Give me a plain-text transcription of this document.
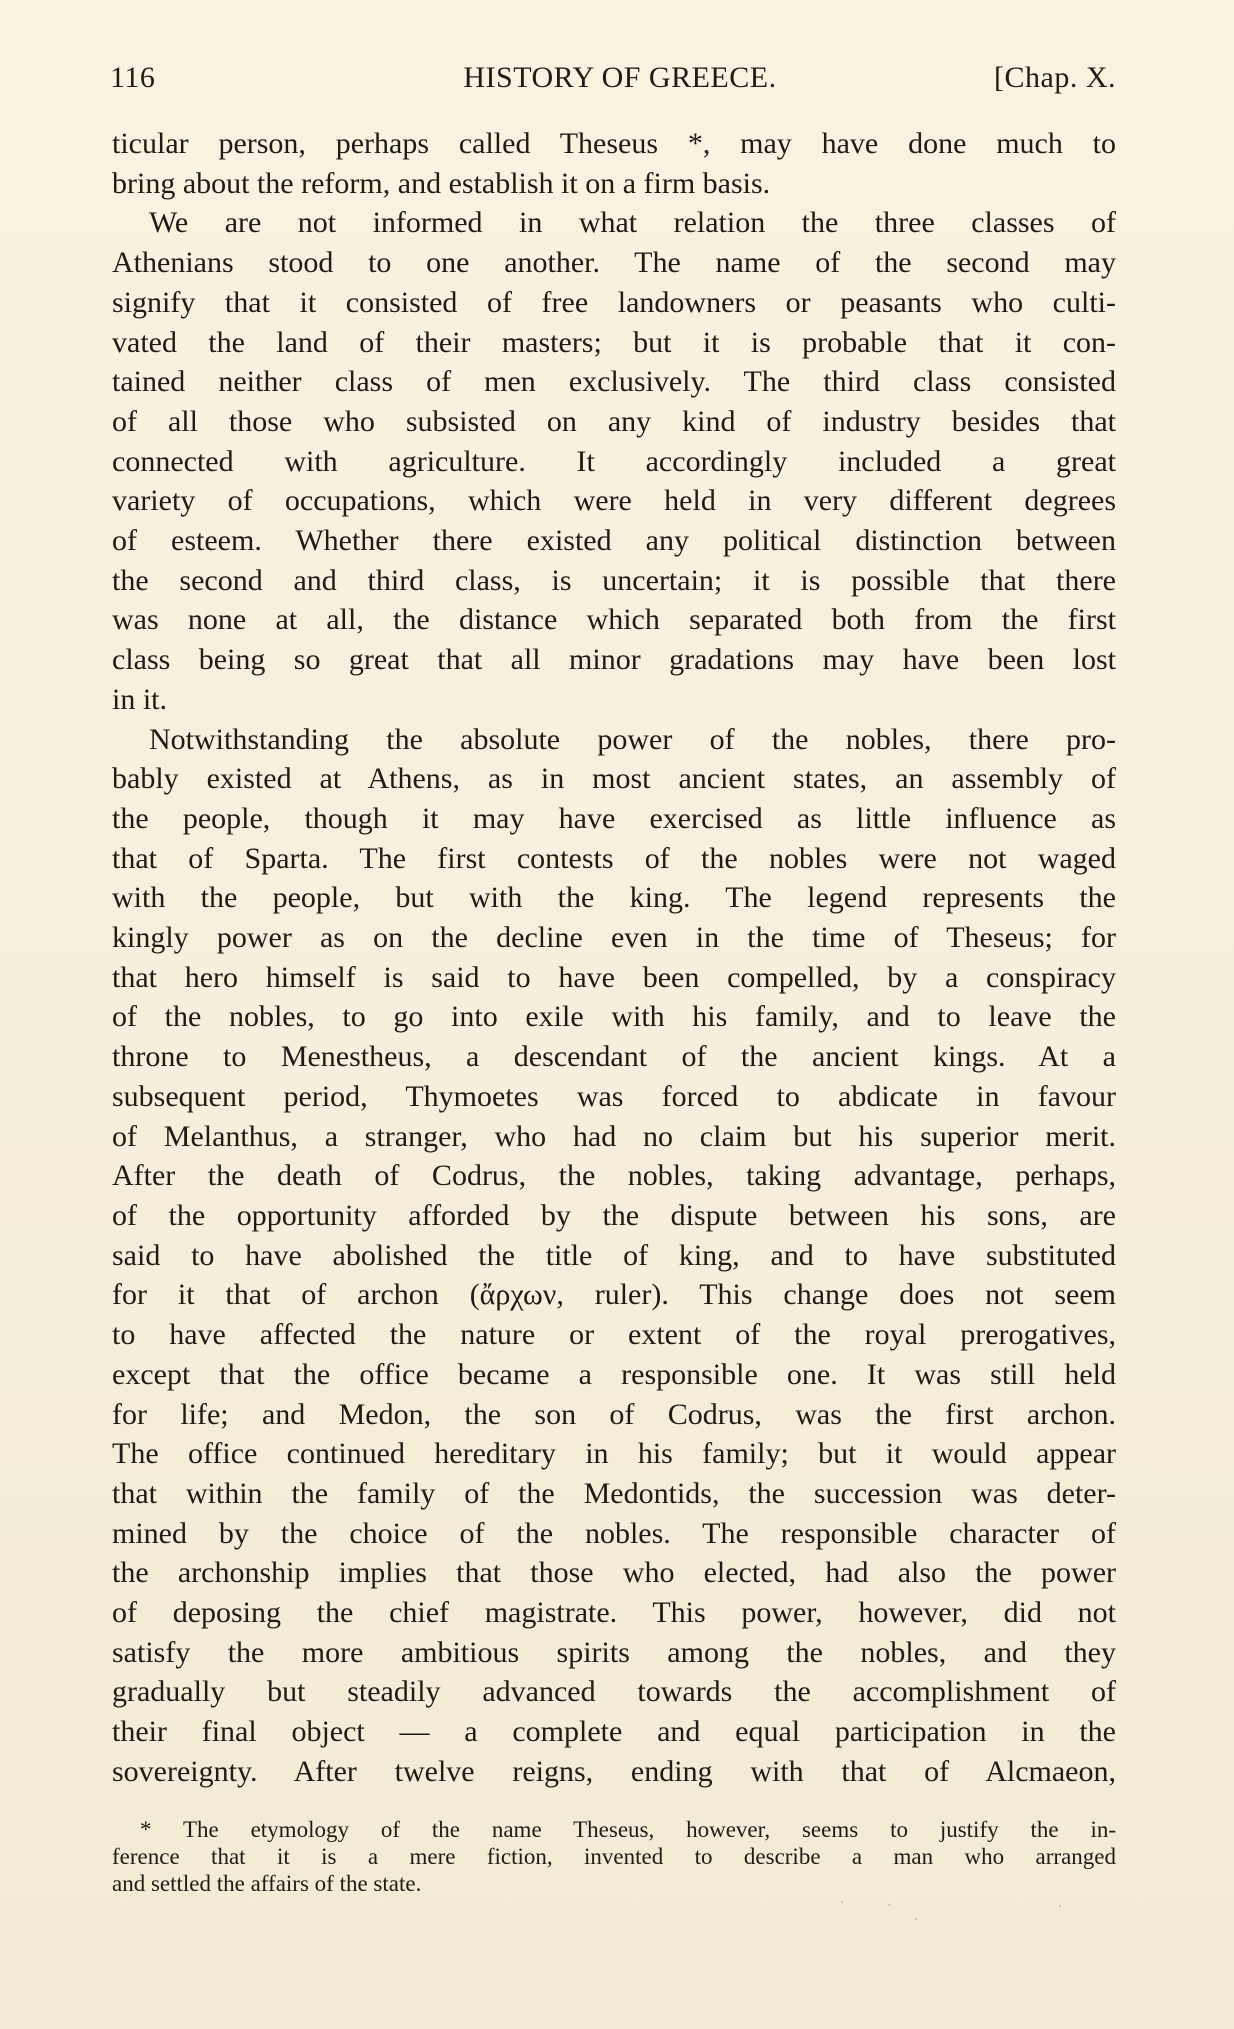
116	HISTORY OF GREECE.	[Chap. X.
ticular person, perhaps called Theseus *, may have done much to
bring about the reform, and establish it on a firm basis.
We are not informed in what relation the three classes of
Athenians stood to one another. The name of the second may
signify that it consisted of free landowners or peasants who culti-
vated the land of their masters; but it is probable that it con-
tained neither class of men exclusively. The third class consisted
of all those who subsisted on any kind of industry besides that
connected with agriculture. It accordingly included a great
variety of occupations, which were held in very different degrees
of esteem. Whether there existed any political distinction between
the second and third class, is uncertain; it is possible that there
was none at all, the distance which separated both from the first
class being so great that all minor gradations may have been lost
in it.
Notwithstanding the absolute power of the nobles, there pro-
bably existed at Athens, as in most ancient states, an assembly of
the people, though it may have exercised as little influence as
that of Sparta. The first contests of the nobles were not waged
with the people, but with the king. The legend represents the
kingly power as on the decline even in the time of Theseus; for
that hero himself is said to have been compelled, by a conspiracy
of the nobles, to go into exile with his family, and to leave the
throne to Menestheus, a descendant of the ancient kings. At a
subsequent period, Thymoetes was forced to abdicate in favour
of Melanthus, a stranger, who had no claim but his superior merit.
After the death of Codrus, the nobles, taking advantage, perhaps,
of the opportunity afforded by the dispute between his sons, are
said to have abolished the title of king, and to have substituted
for it that of archon (ἄρχων, ruler). This change does not seem
to have affected the nature or extent of the royal prerogatives,
except that the office became a responsible one. It was still held
for life; and Medon, the son of Codrus, was the first archon.
The office continued hereditary in his family; but it would appear
that within the family of the Medontids, the succession was deter-
mined by the choice of the nobles. The responsible character of
the archonship implies that those who elected, had also the power
of deposing the chief magistrate. This power, however, did not
satisfy the more ambitious spirits among the nobles, and they
gradually but steadily advanced towards the accomplishment of
their final object — a complete and equal participation in the
sovereignty. After twelve reigns, ending with that of Alcmaeon,
* The etymology of the name Theseus, however, seems to justify the in-
ference that it is a mere fiction, invented to describe a man who arranged
and settled the affairs of the state.
